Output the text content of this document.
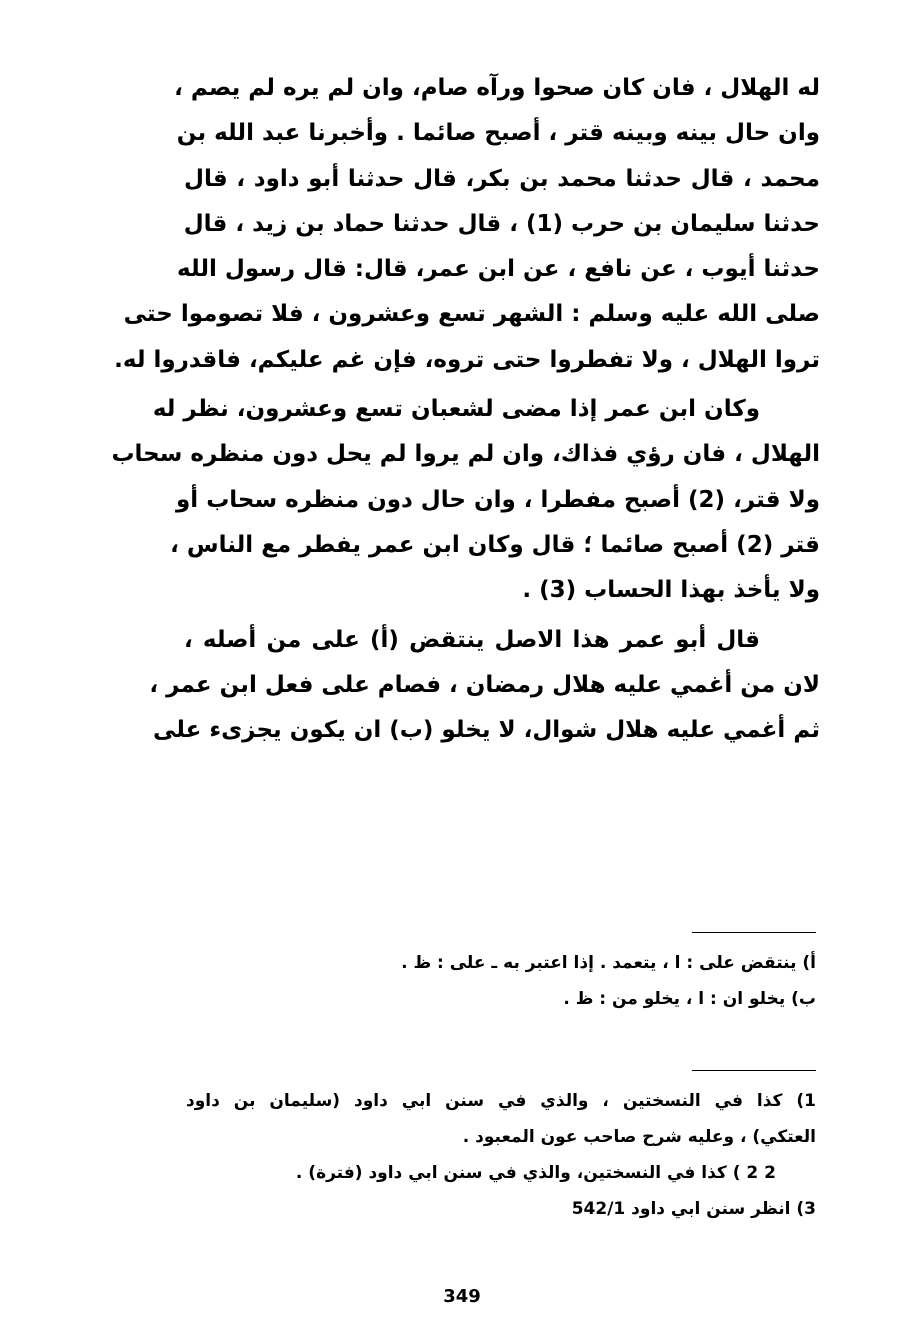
له الهلال ، فان كان صحوا ورآه صام، وان لم يره لم يصم ،
وان حال بينه وبينه قتر ، أصبح صائما . وأخبرنا عبد الله بن
محمد ، قال حدثنا محمد بن بكر، قال حدثنا أبو داود ، قال
حدثنا سليمان بن حرب (1) ، قال حدثنا حماد بن زيد ، قال
حدثنا أيوب ، عن نافع ، عن ابن عمر، قال: قال رسول الله
صلى الله عليه وسلم : الشهر تسع وعشرون ، فلا تصوموا حتى
تروا الهلال ، ولا تفطروا حتى تروه، فإن غم عليكم، فاقدروا له.
وكان ابن عمر إذا مضى لشعبان تسع وعشرون، نظر له
الهلال ، فان رؤي فذاك، وان لم يروا لم يحل دون منظره سحاب
ولا قتر، (2) أصبح مفطرا ، وان حال دون منظره سحاب أو
قتر (2) أصبح صائما ؛ قال وكان ابن عمر يفطر مع الناس ،
ولا يأخذ بهذا الحساب (3) .
قال أبو عمر هذا الاصل ينتقض (أ) على من أصله ،
لان من أغمي عليه هلال رمضان ، فصام على فعل ابن عمر ،
ثم أغمي عليه هلال شوال، لا يخلو (ب) ان يكون يجزىء على
أ) ينتقض على : ا ، يتعمد . إذا اعتبر به ـ على : ظ .
ب) يخلو ان : ا ، يخلو من : ظ .
1) كذا في النسختين ، والذي في سنن ابي داود (سليمان بن داود
العتكي) ، وعليه شرح صاحب عون المعبود .
2 2 ) كذا في النسختين، والذي في سنن ابي داود (فترة) .
3) انظر سنن ابي داود 542/1
349
